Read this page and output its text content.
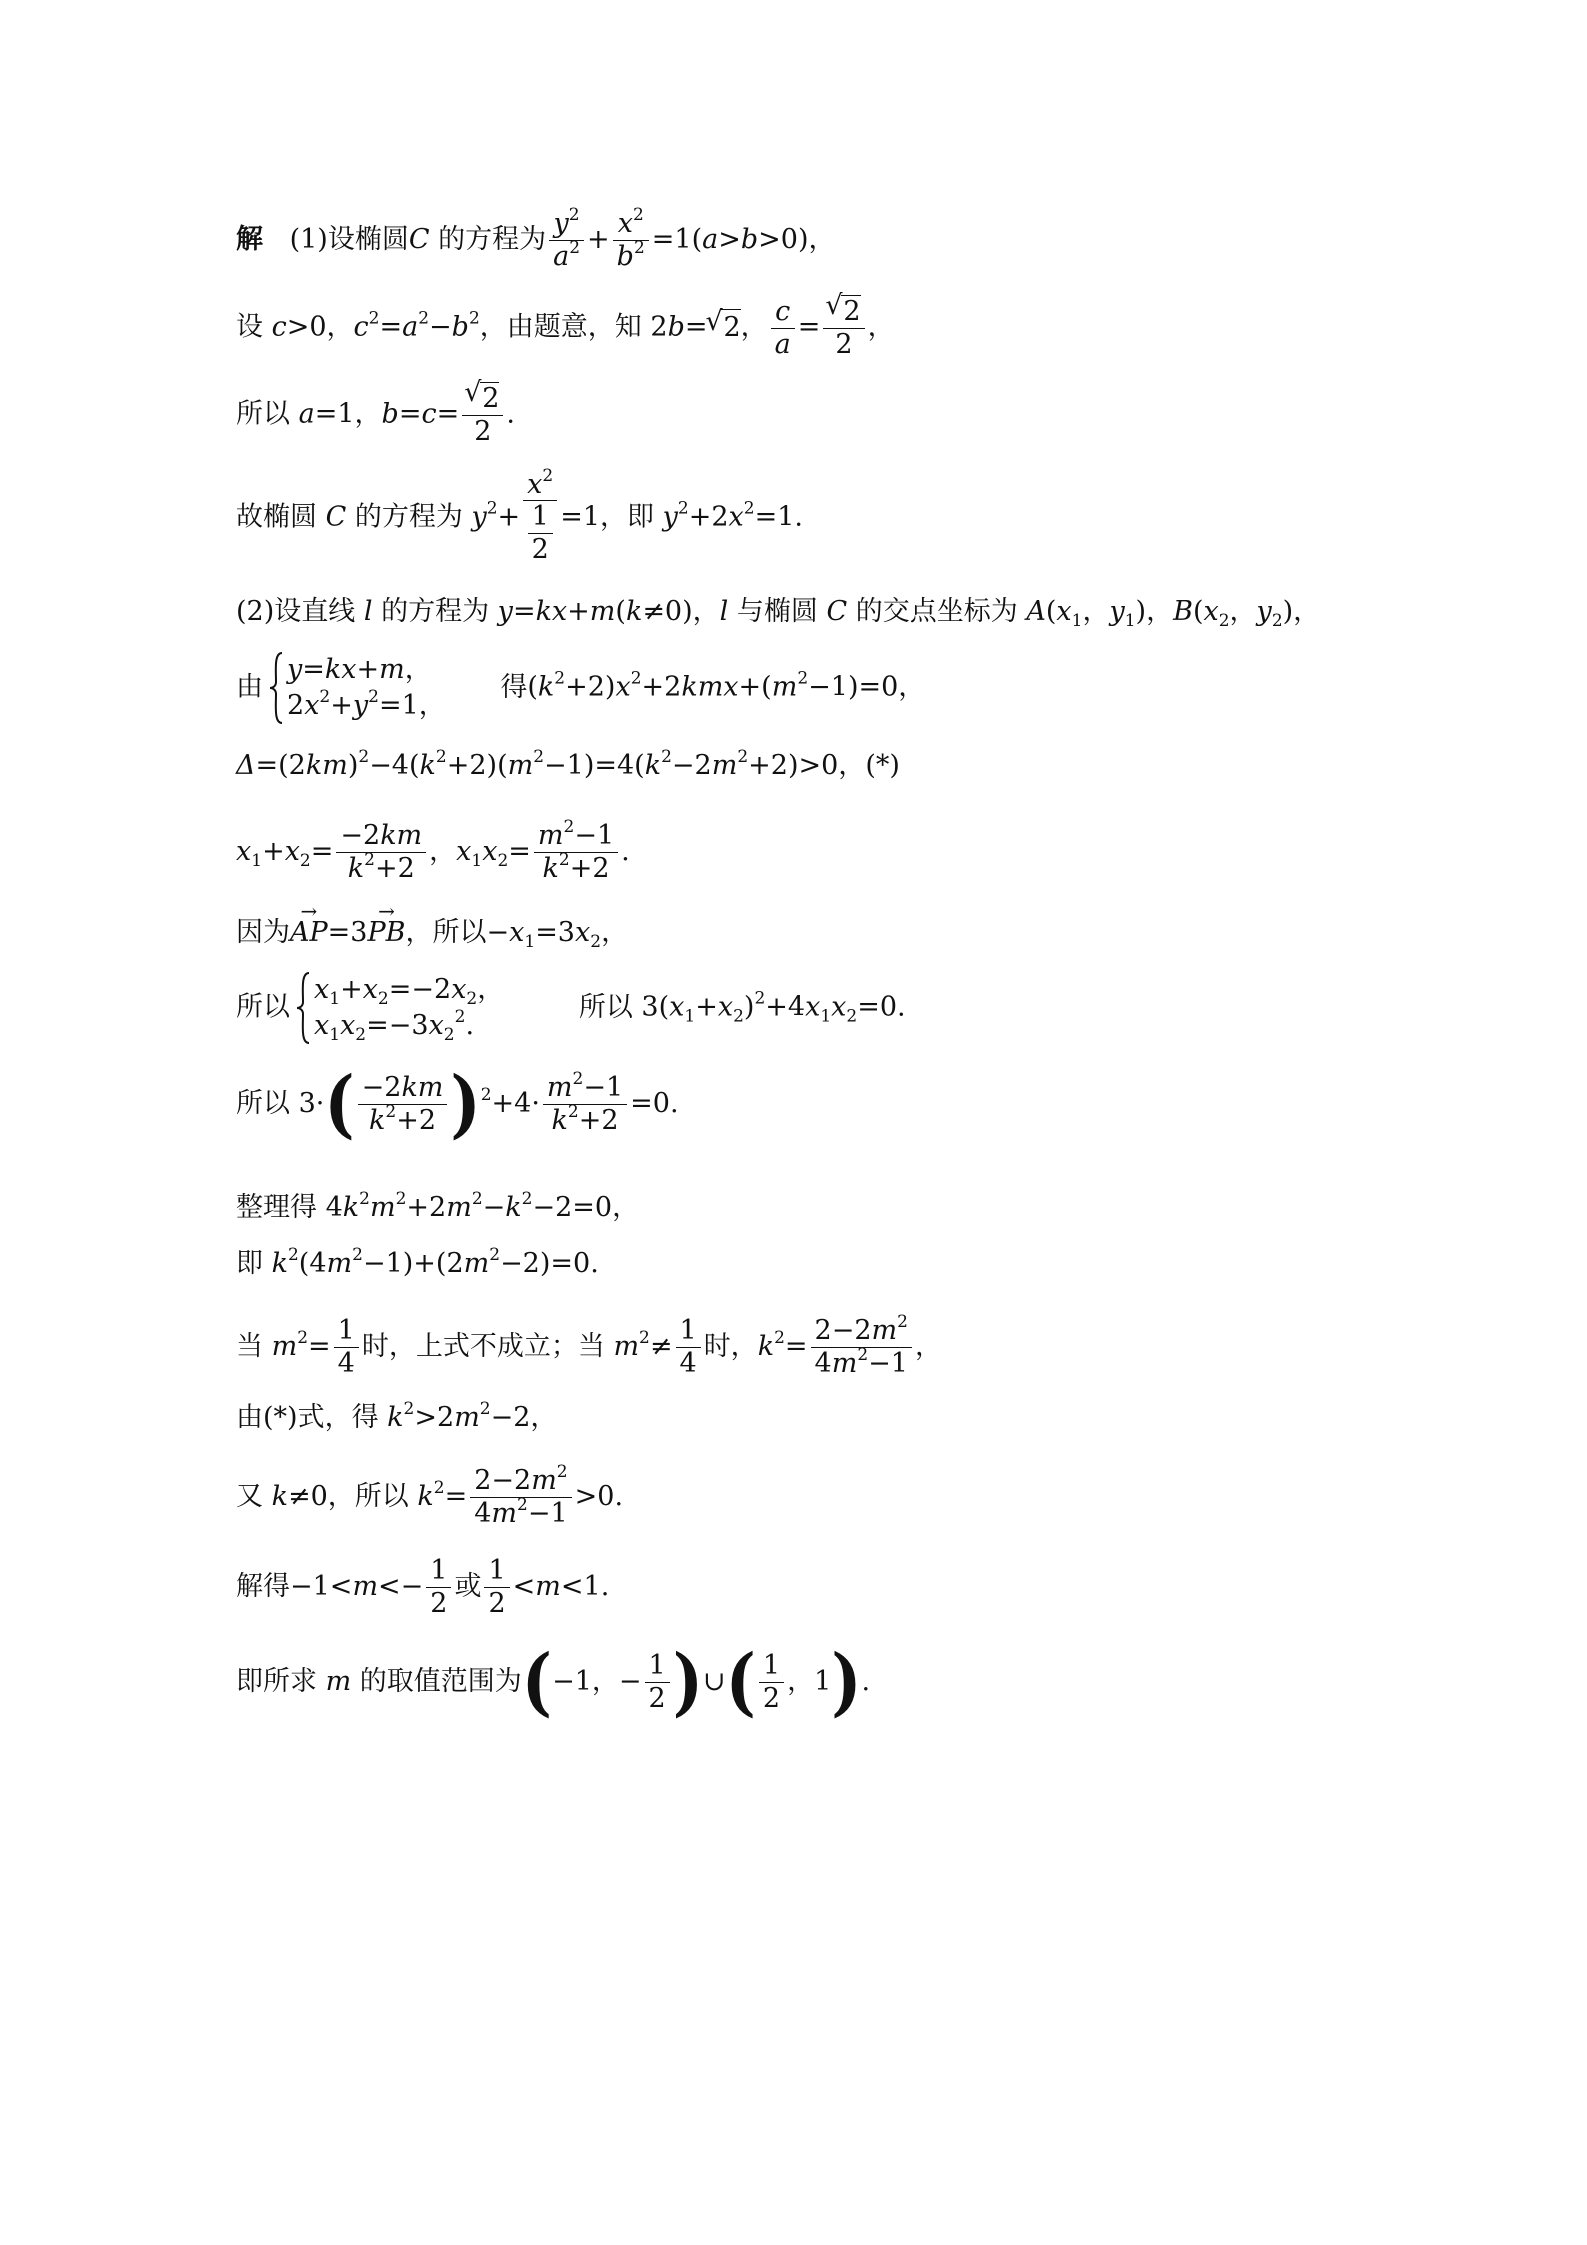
解 (1)设椭圆C 的方程为 $\frac{y^2}{a^2} + \frac{x^2}{b^2} =1(a>b>0)$，
设 c>0，$c^2=a^2-b^2$，由题意，知 2b= √ 2， $\frac{c}{a}$ = √ $\frac{2}{2}$ ，
所以 a=1，b=c= √ $\frac{2}{2}$ .
故椭圆 C 的方程为 $y^2+ \frac{x^2}{\frac{1}{2}} =1$，即 $y^2+2x^2=1$.
(2)设直线 l 的方程为 y=kx+m(k≠0)，l 与椭圆 C 的交点坐标为 $A(x_1$，$y_1$)，$B(x_2$，$y_2$)，
由
y=kx+m，
$2x^2+y^2=1$，
得$(k^2+2)x^2+2kmx+(m^2-1)=0$，
$\Delta=(2km)^2-4(k^2+2)(m^2-1)=4(k^2-2m^2+2)>0$，(*)
$x_1+x_2= \frac{-2km}{k^2+2}$ ，$x_1x_2= \frac{m^2-1}{k^2+2}$ .
因为→ AP=3→ PB，所以$-x_1=3x_2$，
所以
$x_1+x_2=-2x_2$，
$x_1x_2=-3x_2^2$.
所以 $3(x_1+x_2)^2+4x_1x_2=0$.
所以 $3\cdot( \frac{-2km}{k^2+2} )^2+4\cdot \frac{m^2-1}{k^2+2} =0$.
整理得 $4k^2m^2+2m^2-k^2-2=0$，
即 $k^2(4m^2-1)+(2m^2-2)=0$.
当 $m^2= \frac{1}{4}$ 时，上式不成立；当 $m^2\ne \frac{1}{4}$ 时，$k^2= \frac{2-2m^2}{4m^2-1}$ ，
由(*)式，得 $k^2>2m^2-2$，
又 k≠0，所以 $k^2= \frac{2-2m^2}{4m^2-1} >0$.
解得$-1<m<- \frac{1}{2}$ 或 $\frac{1}{2} <m<1$.
即所求 m 的取值范围为(−1，− $\frac{1}{2}$ )∪( $\frac{1}{2}$ ，1).
